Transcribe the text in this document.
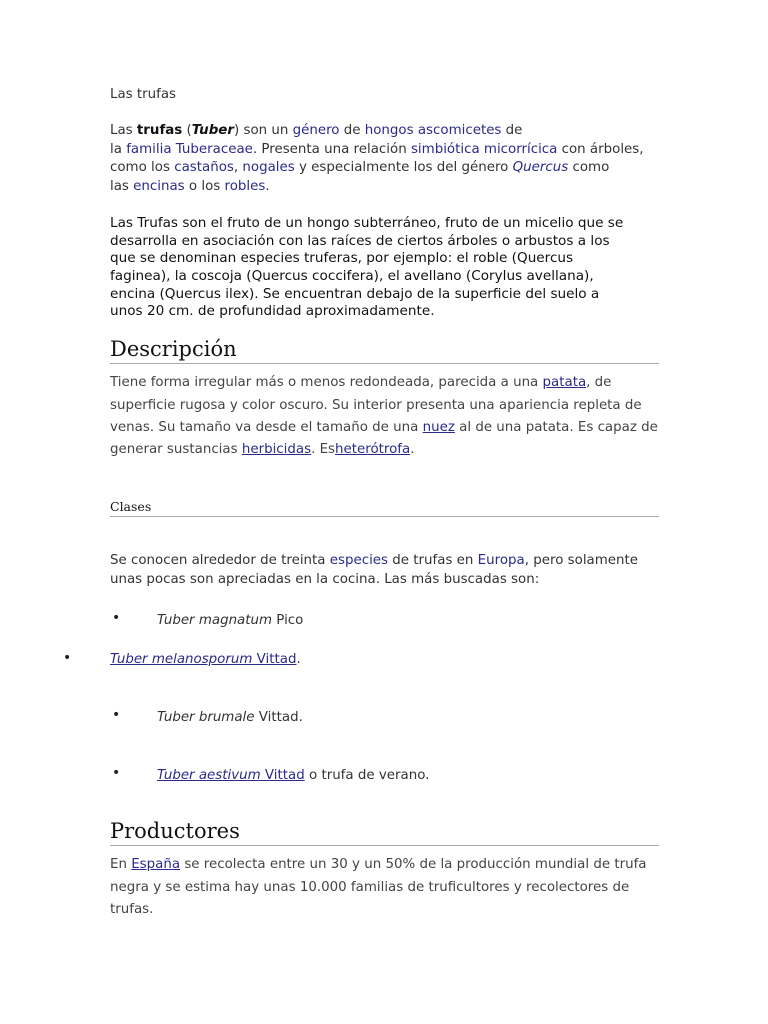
Las trufas

Las trufas (Tuber) son un género de hongos ascomicetes de

la familia Tuberaceae. Presenta una relación simbiótica micorrícica con árboles,

como los castaños, nogales y especialmente los del género Quercus como

las encinas o los robles.

Las Trufas son el fruto de un hongo subterráneo, fruto de un micelio que se

desarrolla en asociación con las raíces de ciertos árboles o arbustos a los

que se denominan especies truferas, por ejemplo: el roble (Quercus

faginea), la coscoja (Quercus coccifera), el avellano (Corylus avellana),

encina (Quercus ilex). Se encuentran debajo de la superficie del suelo a

unos 20 cm. de profundidad aproximadamente.

Descripción

Tiene forma irregular más o menos redondeada, parecida a una patata, de

superficie rugosa y color oscuro. Su interior presenta una apariencia repleta de

venas. Su tamaño va desde el tamaño de una nuez al de una patata. Es capaz de

generar sustancias herbicidas. Esheterótrofa.

Clases

Se conocen alrededor de treinta especies de trufas en Europa, pero solamente

unas pocas son apreciadas en la cocina. Las más buscadas son:

•	Tuber magnatum Pico

•	Tuber melanosporum Vittad.

•	Tuber brumale Vittad.

•	Tuber aestivum Vittad o trufa de verano.

Productores

En España se recolecta entre un 30 y un 50% de la producción mundial de trufa

negra y se estima hay unas 10.000 familias de truficultores y recolectores de

trufas.
